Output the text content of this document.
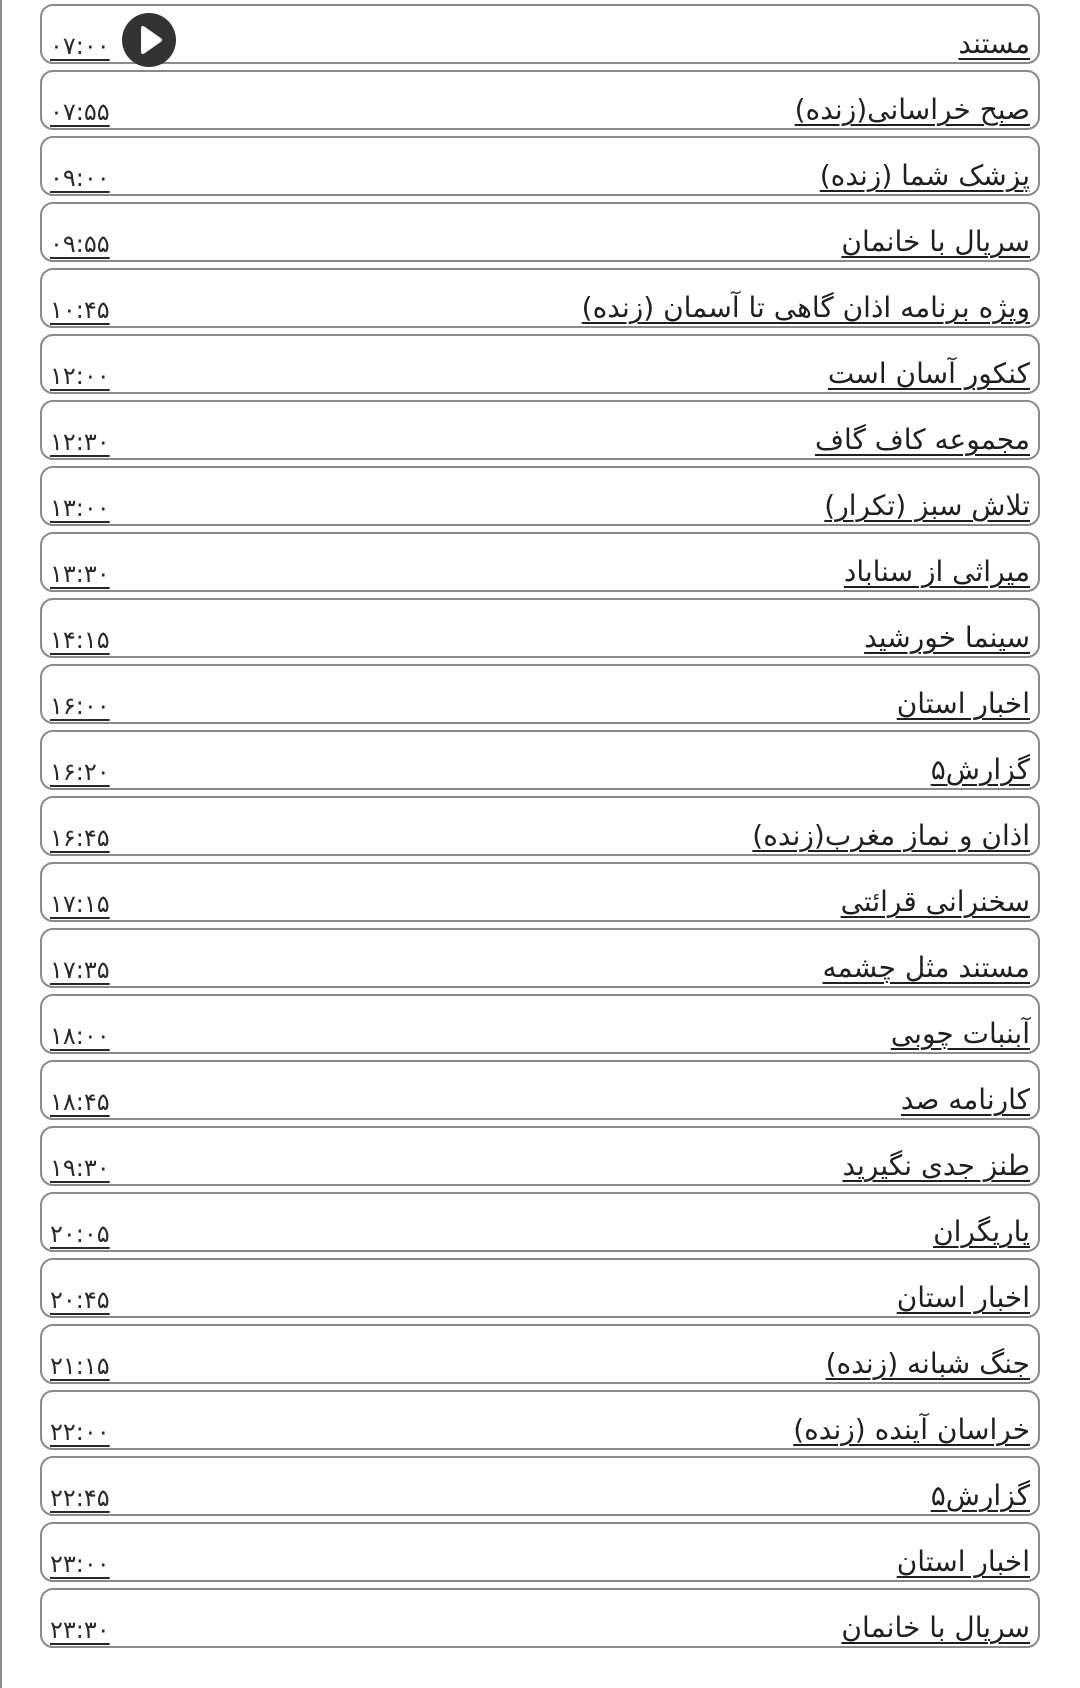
مستند
۰۷:۰۰
صبح خراسانی(زنده)
۰۷:۵۵
پزشک شما (زنده)
۰۹:۰۰
سریال با خانمان
۰۹:۵۵
ویژه برنامه اذان گاهی تا آسمان (زنده)
۱۰:۴۵
کنکور آسان است
۱۲:۰۰
مجموعه کاف گاف
۱۲:۳۰
تلاش سبز (تکرار)
۱۳:۰۰
میراثی از سناباد
۱۳:۳۰
سینما خورشید
۱۴:۱۵
اخبار استان
۱۶:۰۰
گزارش۵
۱۶:۲۰
اذان و نماز مغرب(زنده)
۱۶:۴۵
سخنرانی قرائتی
۱۷:۱۵
مستند مثل چشمه
۱۷:۳۵
آبنبات چوبی
۱۸:۰۰
کارنامه صد
۱۸:۴۵
طنز جدی نگیرید
۱۹:۳۰
یاریگران
۲۰:۰۵
اخبار استان
۲۰:۴۵
جنگ شبانه (زنده)
۲۱:۱۵
خراسان آینده (زنده)
۲۲:۰۰
گزارش۵
۲۲:۴۵
اخبار استان
۲۳:۰۰
سریال با خانمان
۲۳:۳۰
